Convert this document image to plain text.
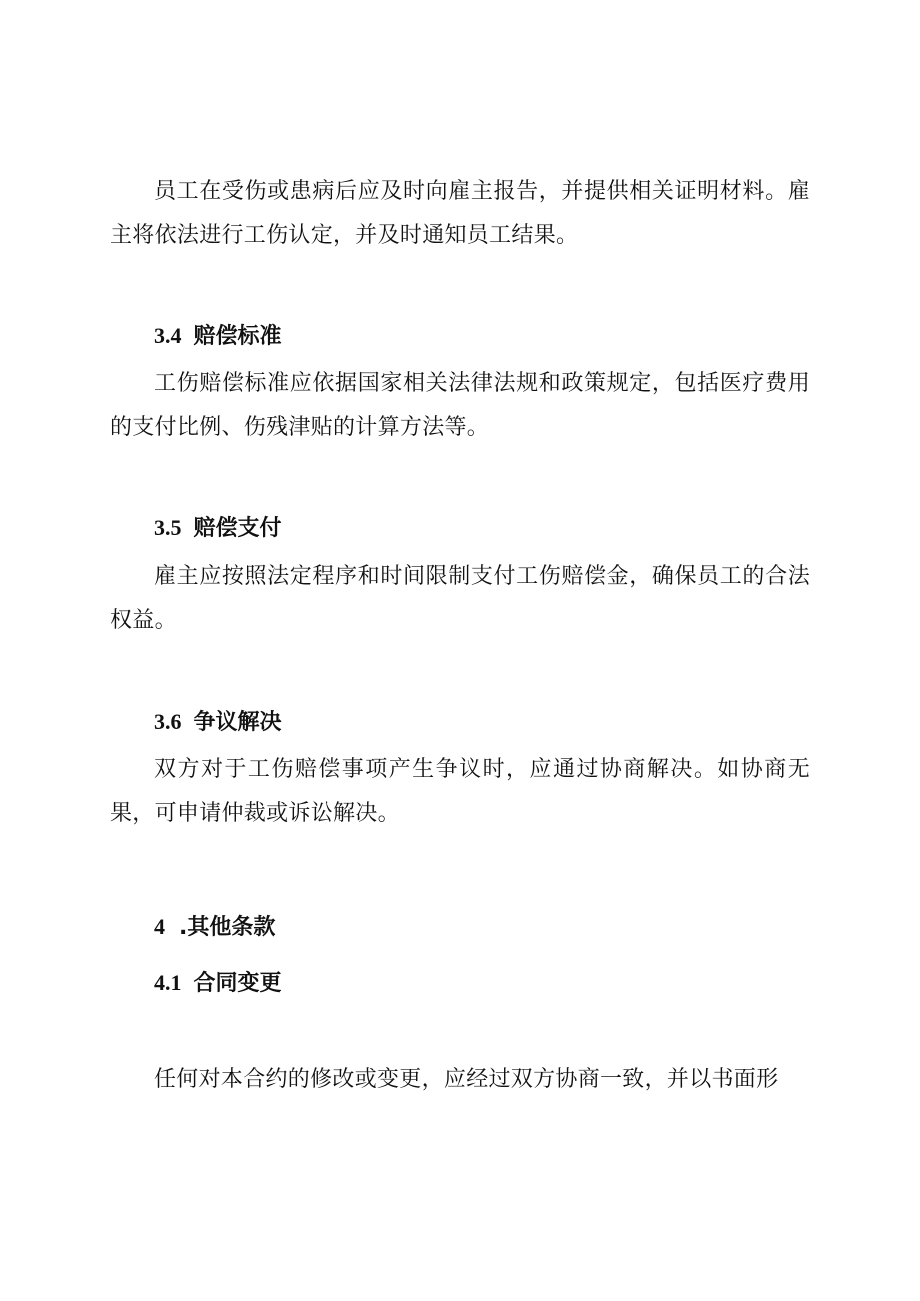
员工在受伤或患病后应及时向雇主报告，并提供相关证明材料。雇主将依法进行工伤认定，并及时通知员工结果。

3.4 赔偿标准

工伤赔偿标准应依据国家相关法律法规和政策规定，包括医疗费用的支付比例、伤残津贴的计算方法等。

3.5 赔偿支付

雇主应按照法定程序和时间限制支付工伤赔偿金，确保员工的合法权益。

3.6 争议解决

双方对于工伤赔偿事项产生争议时，应通过协商解决。如协商无果，可申请仲裁或诉讼解决。

4 .其他条款
4.1 合同变更

任何对本合约的修改或变更，应经过双方协商一致，并以书面形
